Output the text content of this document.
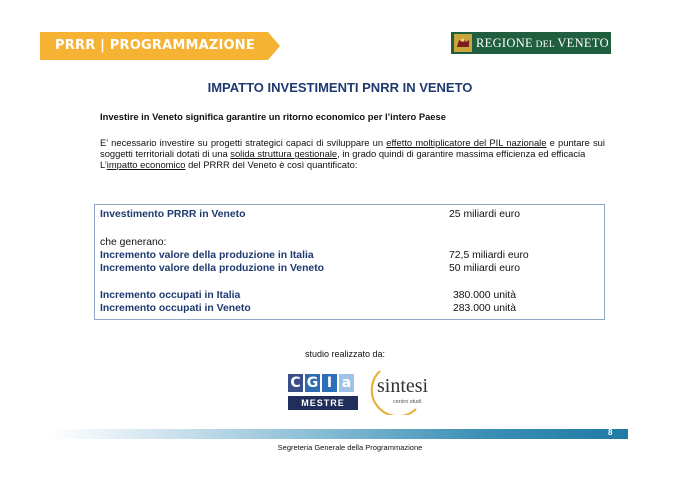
PRRR | PROGRAMMAZIONE	REGIONE DEL VENETO
IMPATTO INVESTIMENTI PNRR IN VENETO
Investire in Veneto significa garantire un ritorno economico per l’intero Paese

E’ necessario investire su progetti strategici capaci di sviluppare un effetto moltiplicatore del PIL nazionale e puntare sui soggetti territoriali dotati di una solida struttura gestionale, in grado quindi di garantire massima efficienza ed efficacia

L’impatto economico del PRRR del Veneto è così quantificato:

Investimento PRRR in Veneto	25 miliardi euro
che generano:
Incremento valore della produzione in Italia	72,5 miliardi euro
Incremento valore della produzione in Veneto	50 miliardi euro
Incremento occupati in Italia	380.000 unità
Incremento occupati in Veneto	283.000 unità
studio realizzato da:
C G I a
MESTRE
sintesi
centro studi
8
Segreteria Generale della Programmazione
